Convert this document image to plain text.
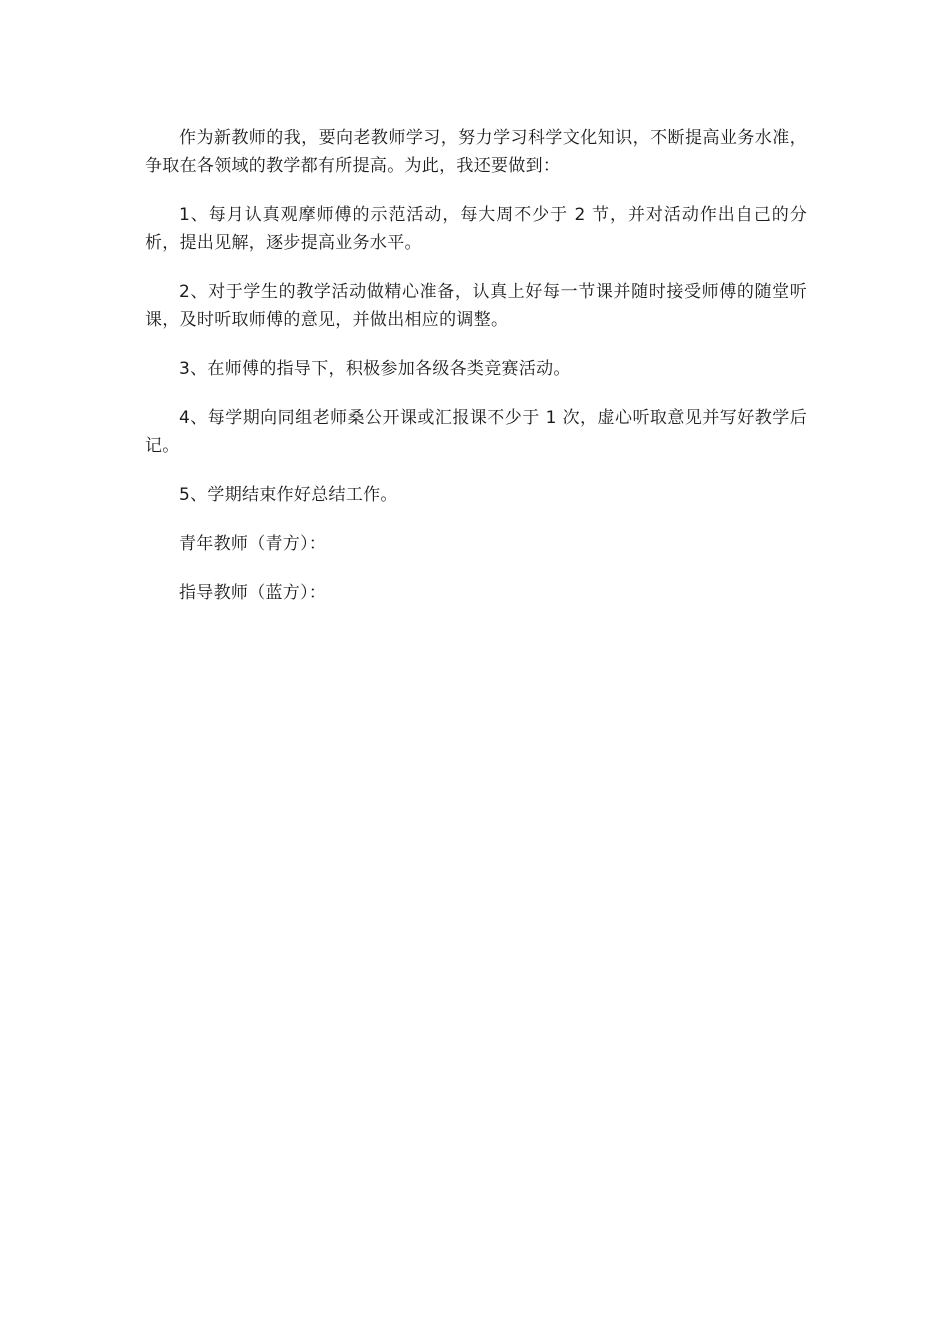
作为新教师的我，要向老教师学习，努力学习科学文化知识，不断提高业务水准，争取在各领域的教学都有所提高。为此，我还要做到：

1、每月认真观摩师傅的示范活动，每大周不少于 2 节，并对活动作出自己的分析，提出见解，逐步提高业务水平。

2、对于学生的教学活动做精心准备，认真上好每一节课并随时接受师傅的随堂听课，及时听取师傅的意见，并做出相应的调整。

3、在师傅的指导下，积极参加各级各类竞赛活动。

4、每学期向同组老师桑公开课或汇报课不少于 1 次，虚心听取意见并写好教学后记。

5、学期结束作好总结工作。

青年教师（青方）：

指导教师（蓝方）：
